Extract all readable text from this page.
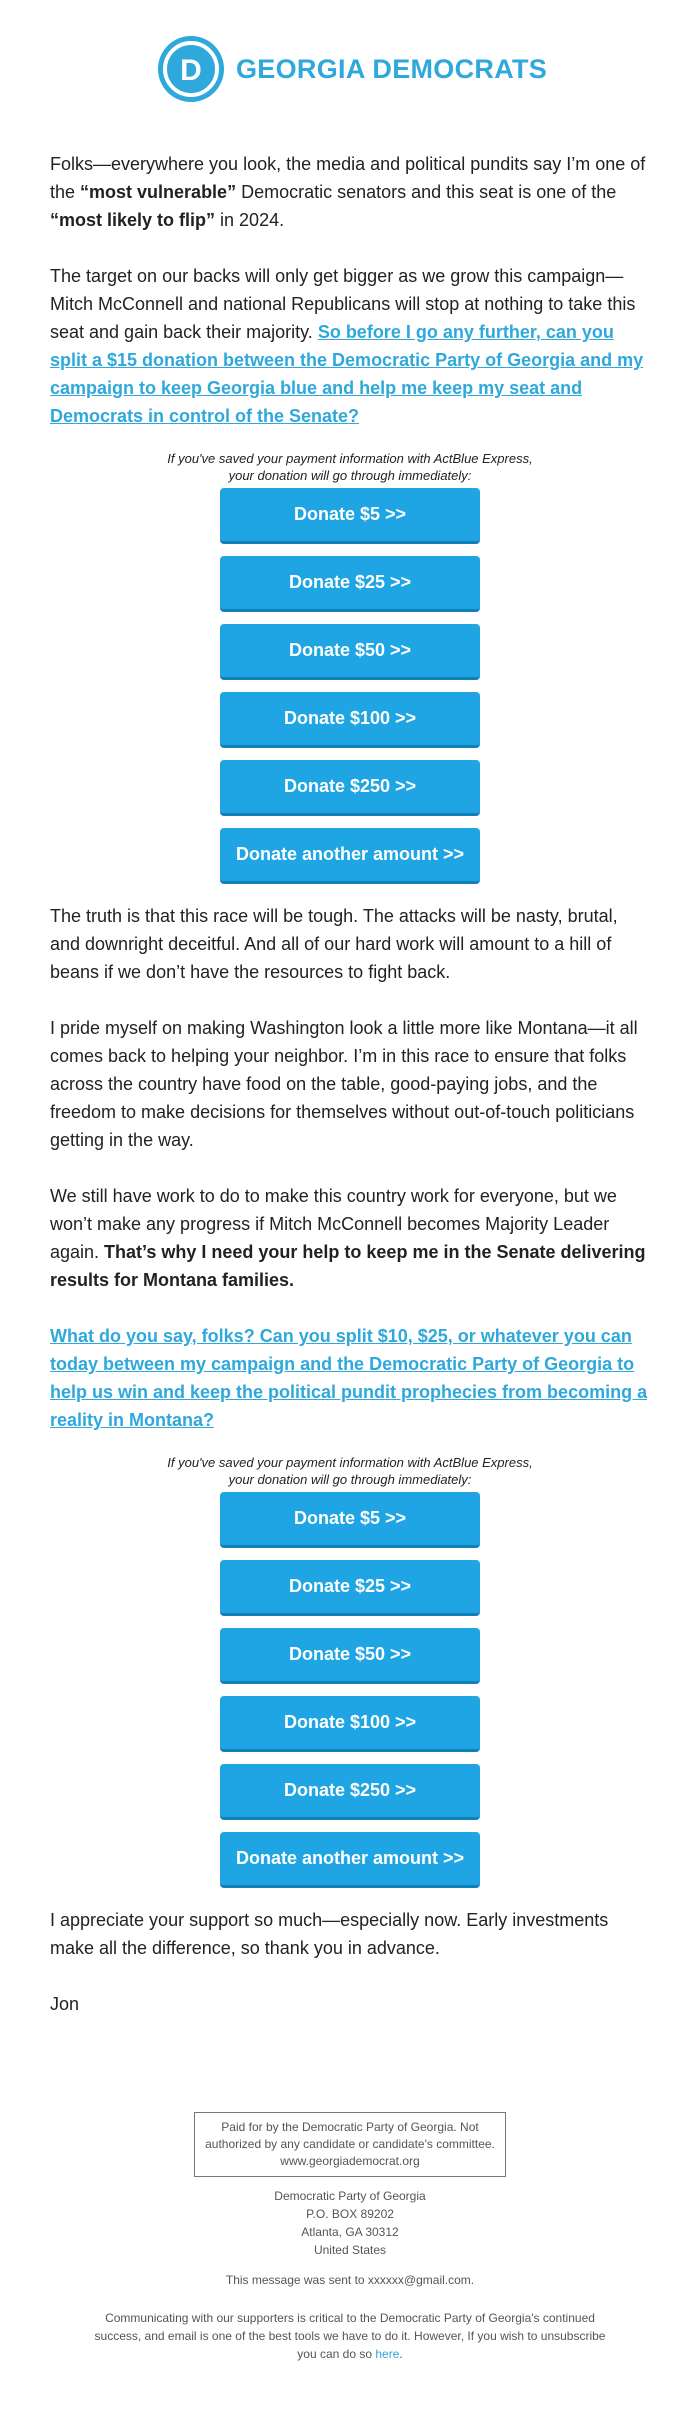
D GEORGIA DEMOCRATS

Folks—everywhere you look, the media and political pundits say I’m one of the “most vulnerable” Democratic senators and this seat is one of the “most likely to flip” in 2024.

The target on our backs will only get bigger as we grow this campaign—Mitch McConnell and national Republicans will stop at nothing to take this seat and gain back their majority. So before I go any further, can you split a $15 donation between the Democratic Party of Georgia and my campaign to keep Georgia blue and help me keep my seat and Democrats in control of the Senate?

If you've saved your payment information with ActBlue Express,
your donation will go through immediately:

Donate $5 >>
Donate $25 >>
Donate $50 >>
Donate $100 >>
Donate $250 >>
Donate another amount >>

The truth is that this race will be tough. The attacks will be nasty, brutal, and downright deceitful. And all of our hard work will amount to a hill of beans if we don’t have the resources to fight back.

I pride myself on making Washington look a little more like Montana—it all comes back to helping your neighbor. I’m in this race to ensure that folks across the country have food on the table, good-paying jobs, and the freedom to make decisions for themselves without out-of-touch politicians getting in the way.

We still have work to do to make this country work for everyone, but we won’t make any progress if Mitch McConnell becomes Majority Leader again. That’s why I need your help to keep me in the Senate delivering results for Montana families.

What do you say, folks? Can you split $10, $25, or whatever you can today between my campaign and the Democratic Party of Georgia to help us win and keep the political pundit prophecies from becoming a reality in Montana?

If you've saved your payment information with ActBlue Express,
your donation will go through immediately:

Donate $5 >>
Donate $25 >>
Donate $50 >>
Donate $100 >>
Donate $250 >>
Donate another amount >>

I appreciate your support so much—especially now. Early investments make all the difference, so thank you in advance.

Jon

Paid for by the Democratic Party of Georgia. Not authorized by any candidate or candidate's committee.
www.georgiademocrat.org
Democratic Party of Georgia
P.O. BOX 89202
Atlanta, GA 30312
United States
This message was sent to xxxxxx@gmail.com.
Communicating with our supporters is critical to the Democratic Party of Georgia's continued success, and email is one of the best tools we have to do it. However, If you wish to unsubscribe you can do so here.
